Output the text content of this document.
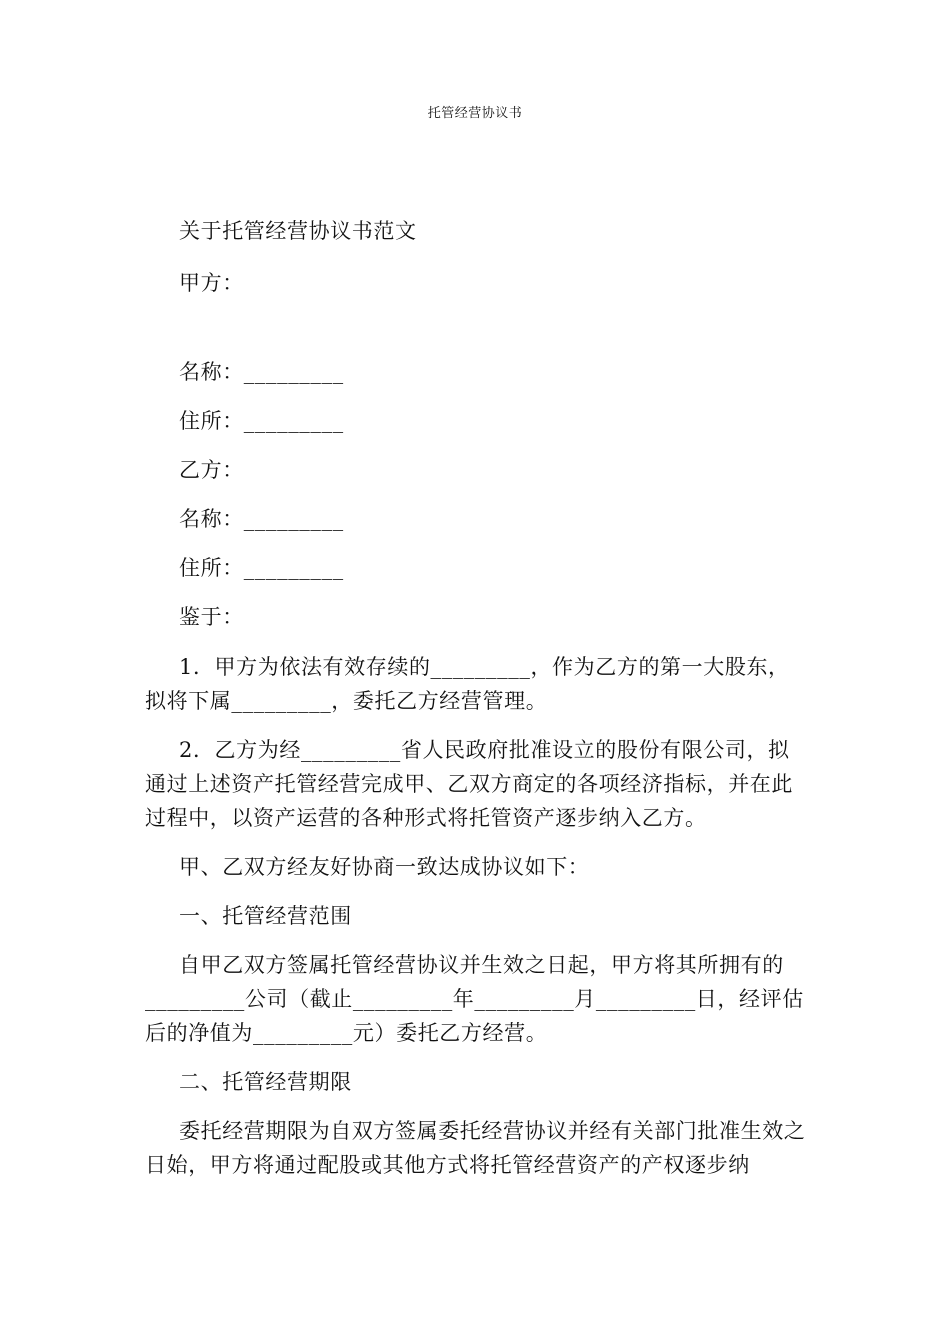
托管经营协议书
关于托管经营协议书范文
甲方：
名称：_________
住所：_________
乙方：
名称：_________
住所：_________
鉴于：
1．甲方为依法有效存续的_________，作为乙方的第一大股东，拟将下属_________，委托乙方经营管理。
2．乙方为经_________省人民政府批准设立的股份有限公司，拟通过上述资产托管经营完成甲、乙双方商定的各项经济指标，并在此过程中，以资产运营的各种形式将托管资产逐步纳入乙方。
甲、乙双方经友好协商一致达成协议如下：
一、托管经营范围
自甲乙双方签属托管经营协议并生效之日起，甲方将其所拥有的_________公司（截止_________年_________月_________日，经评估后的净值为_________元）委托乙方经营。
二、托管经营期限
委托经营期限为自双方签属委托经营协议并经有关部门批准生效之日始，甲方将通过配股或其他方式将托管经营资产的产权逐步纳
